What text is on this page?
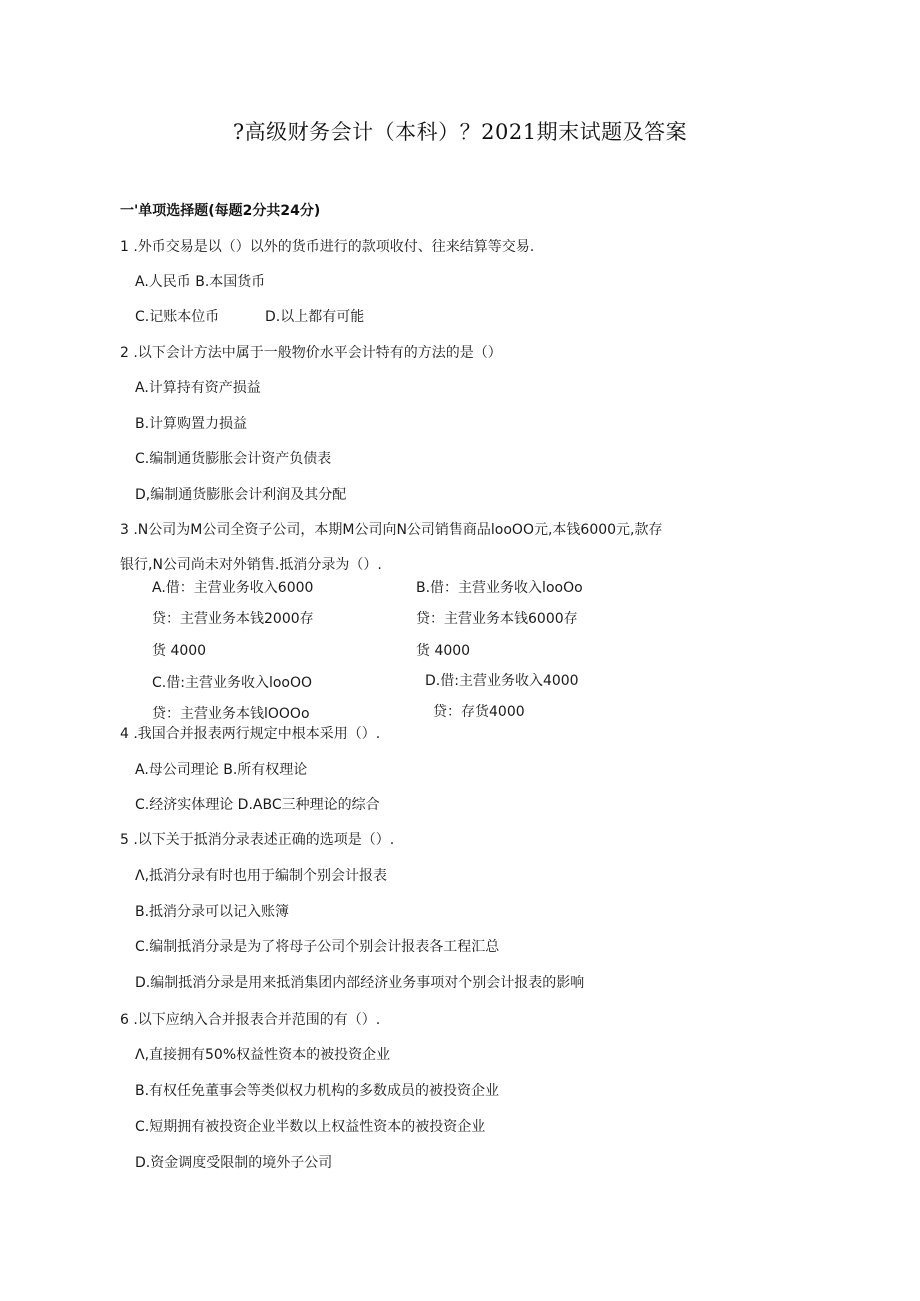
?高级财务会计（本科）？2021期末试题及答案
一'单项选择题(每题2分共24分)
1 .外币交易是以（）以外的货币进行的款项收付、往来结算等交易.
A.人民币 B.本国货币
C.记账本位币	D.以上都有可能
2 .以下会计方法中属于一般物价水平会计特有的方法的是（）
A.计算持有资产损益
B.计算购置力损益
C.编制通货膨胀会计资产负债表
D,编制通货膨胀会计利润及其分配
3 .N公司为M公司全资子公司，本期M公司向N公司销售商品looOO元,本钱6000元,款存
银行,N公司尚未对外销售.抵消分录为（）.
A.借：主营业务收入6000
贷：主营业务本钱2000存
货 4000
B.借：主营业务收入looOo
贷：主营业务本钱6000存
货 4000
C.借:主营业务收入looOO
贷：主营业务本钱lOOOo
D.借:主营业务收入4000
贷：存货4000
4 .我国合并报表两行规定中根本采用（）.
A.母公司理论 B.所有权理论
C.经济实体理论 D.ABC三种理论的综合
5 .以下关于抵消分录表述正确的选项是（）.
Λ,抵消分录有时也用于编制个别会计报表
B.抵消分录可以记入账簿
C.编制抵消分录是为了将母子公司个别会计报表各工程汇总
D.编制抵消分录是用来抵消集团内部经济业务事项对个别会计报表的影响
6 .以下应纳入合并报表合并范围的有（）.
Λ,直接拥有50%权益性资本的被投资企业
B.有权任免董事会等类似权力机构的多数成员的被投资企业
C.短期拥有被投资企业半数以上权益性资本的被投资企业
D.资金调度受限制的境外子公司
